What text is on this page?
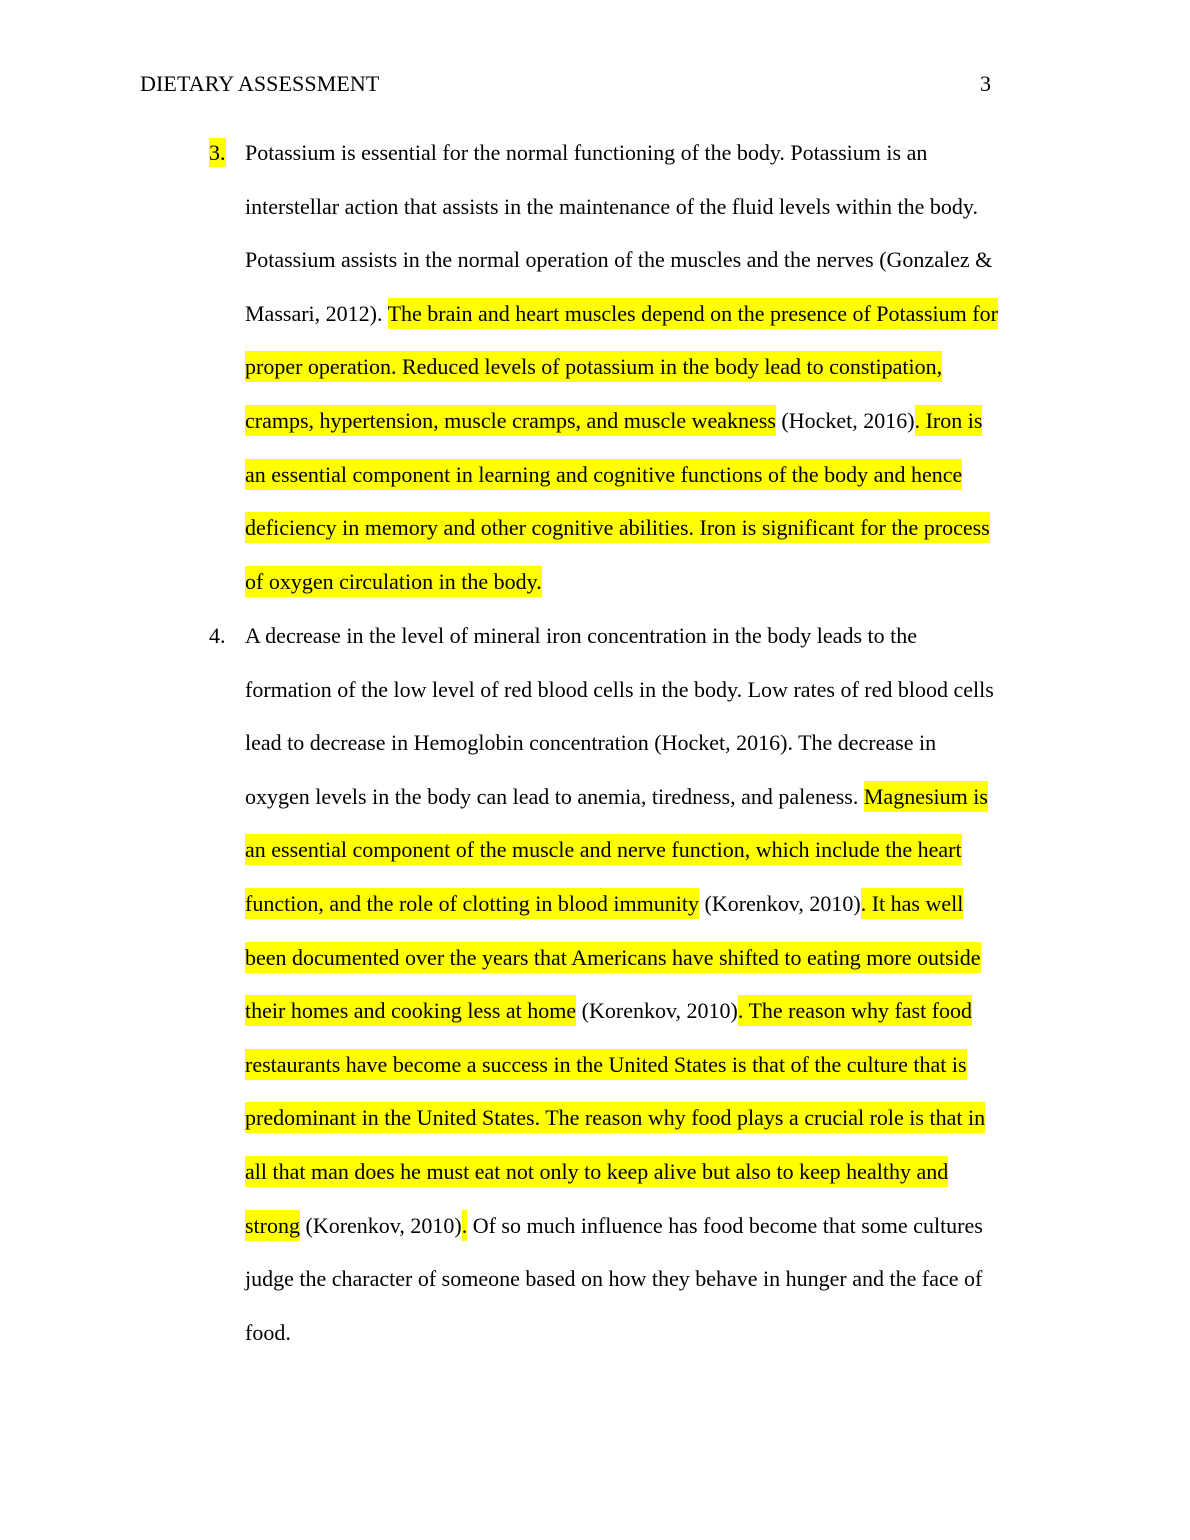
DIETARY ASSESSMENT	3
3. Potassium is essential for the normal functioning of the body. Potassium is an
interstellar action that assists in the maintenance of the fluid levels within the body.
Potassium assists in the normal operation of the muscles and the nerves (Gonzalez &
Massari, 2012). The brain and heart muscles depend on the presence of Potassium for
proper operation. Reduced levels of potassium in the body lead to constipation,
cramps, hypertension, muscle cramps, and muscle weakness (Hocket, 2016). Iron is
an essential component in learning and cognitive functions of the body and hence
deficiency in memory and other cognitive abilities. Iron is significant for the process
of oxygen circulation in the body.

4. A decrease in the level of mineral iron concentration in the body leads to the
formation of the low level of red blood cells in the body. Low rates of red blood cells
lead to decrease in Hemoglobin concentration (Hocket, 2016). The decrease in
oxygen levels in the body can lead to anemia, tiredness, and paleness. Magnesium is
an essential component of the muscle and nerve function, which include the heart
function, and the role of clotting in blood immunity (Korenkov, 2010). It has well
been documented over the years that Americans have shifted to eating more outside
their homes and cooking less at home (Korenkov, 2010). The reason why fast food
restaurants have become a success in the United States is that of the culture that is
predominant in the United States. The reason why food plays a crucial role is that in
all that man does he must eat not only to keep alive but also to keep healthy and
strong (Korenkov, 2010). Of so much influence has food become that some cultures
judge the character of someone based on how they behave in hunger and the face of
food.
